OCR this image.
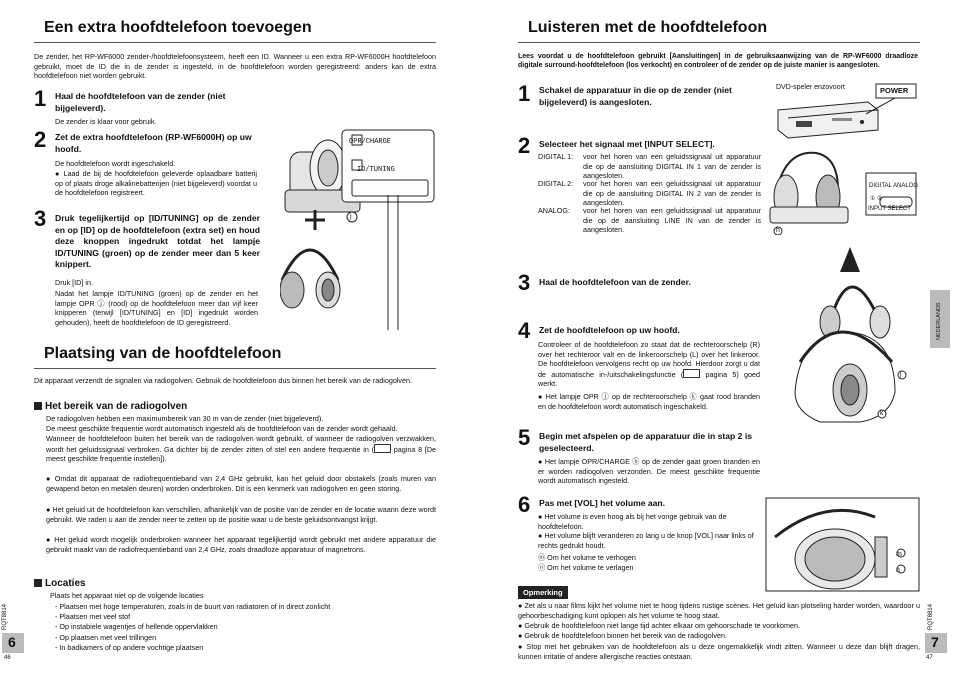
Een extra hoofdtelefoon toevoegen
De zender, het RP-WF6000 zender-/hoofdtelefoonsysteem, heeft een ID. Wanneer u een extra RP-WF6000H hoofdtelefoon gebruikt, moet de ID die in de zender is ingesteld, in de hoofdtelefoon worden geregistreerd: anders kan de extra hoofdtelefoon niet worden gebruikt.
1 Haal de hoofdtelefoon van de zender (niet bijgeleverd).
De zender is klaar voor gebruik.
2 Zet de extra hoofdtelefoon (RP-WF6000H) op uw hoofd.
De hoofdtelefoon wordt ingeschakeld.
● Laad de bij de hoofdtelefoon geleverde oplaadbare batterij op of plaats droge alkalinebatterijen (niet bijgeleverd) voordat u de hoofdtelefoon registreert.
3 Druk tegelijkertijd op [ID/TUNING] op de zender en op [ID] op de hoofdtelefoon (extra set) en houd deze knoppen ingedrukt totdat het lampje ID/TUNING (groen) op de zender meer dan 5 keer knippert.
Druk [ID] in.
Nadat het lampje ID/TUNING (groen) op de zender en het lampje OPR ⓙ (rood) op de hoofdtelefoon meer dan vijf keer knipperen (terwijl [ID/TUNING] en [ID] ingedrukt worden gehouden), heeft de hoofdtelefoon de ID geregistreerd.
OPR/CHARGE
ID/TUNING
j
Plaatsing van de hoofdtelefoon
Dit apparaat verzendt de signalen via radiogolven. Gebruik de hoofdtelefoon dus binnen het bereik van de radiogolven.
Het bereik van de radiogolven
De radiogolven hebben een maximumbereik van 30 m van de zender (niet bijgeleverd).
De meest geschikte frequentie wordt automatisch ingesteld als de hoofdtelefoon van de zender wordt gehaald.
Wanneer de hoofdtelefoon buiten het bereik van de radiogolven wordt gebruikt, of wanneer de radiogolven verzwakken, wordt het geluidssignaal verbroken. Ga dichter bij de zender zitten of stel een andere frequentie in (	pagina 8 [De meest geschikte frequentie instellen]).
● Omdat dit apparaat de radiofrequentieband van 2,4 GHz gebruikt, kan het geluid door obstakels (zoals muren van gewapend beton en metalen deuren) worden onderbroken. Dit is een kenmerk van radiogolven en geen storing.
● Het geluid uit de hoofdtelefoon kan verschillen, afhankelijk van de positie van de zender en de locatie waarin deze wordt gebruikt. We raden u aan de zender neer te zetten op de positie waar u de beste geluidsontvangst krijgt.
● Het geluid wordt mogelijk onderbroken wanneer het apparaat tegelijkertijd wordt gebruikt met andere apparatuur die gebruikt maakt van de radiofrequentieband van 2,4 GHz, zoals draadloze apparatuur of magnetrons.
Locaties
Plaats het apparaat niet op de volgende locaties
- Plaatsen met hoge temperaturen, zoals in de buurt van radiatoren of in direct zonlicht
- Plaatsen met veel stof
- Op instabiele wagentjes of hellende oppervlakken
- Op plaatsen met veel trillingen
- In badkamers of op andere vochtige plaatsen
RQT8814
6
46
Luisteren met de hoofdtelefoon
Lees voordat u de hoofdtelefoon gebruikt [Aansluitingen] in de gebruiksaanwijzing van de RP-WF6000 draadloze digitale surround-hoofdtelefoon (los verkocht) en controleer of de zender op de juiste manier is aangesloten.
1 Schakel de apparatuur in die op de zender (niet bijgeleverd) is aangesloten.
DVD-speler enzovoort	POWER
2 Selecteer het signaal met [INPUT SELECT].
DIGITAL 1:	voor het horen van een geluidssignaal uit apparatuur die op de aansluiting DIGITAL IN 1 van de zender is aangesloten.
DIGITAL 2:	voor het horen van een geluidssignaal uit apparatuur die op de aansluiting DIGITAL IN 2 van de zender is aangesloten.
ANALOG:	voor het horen van een geluidssignaal uit apparatuur die op de aansluiting LINE IN van de zender is aangesloten.
DIGITAL ANALOG
① ②
INPUT SELECT
h
3 Haal de hoofdtelefoon van de zender.
j
k
4 Zet de hoofdtelefoon op uw hoofd.
Controleer of de hoofdtelefoon zo staat dat de rechteroorschelp (R) over het rechteroor valt en de linkeroorschelp (L) over het linkeroor. De hoofdtelefoon vervolgens recht op uw hoofd. Hierdoor zorgt u dat de automatische in-/uitschakelingsfunctie (	pagina 5) goed werkt.
● Het lampje OPR ⓙ op de rechteroorschelp ⓚ gaat rood branden en de hoofdtelefoon wordt automatisch ingeschakeld.
5 Begin met afspelen op de apparatuur die in stap 2 is geselecteerd.
● Het lampje OPR/CHARGE ⓗ op de zender gaat groen branden en er worden radiogolven verzonden. De meest geschikte frequentie wordt automatisch ingesteld.
6 Pas met [VOL] het volume aan.
● Het volume is even hoog als bij het vorige gebruik van de hoofdtelefoon.
● Het volume blijft veranderen zo lang u de knop [VOL] naar links of rechts gedrukt houdt.
ⓜ Om het volume te verhogen
ⓝ Om het volume te verlagen
m
n
Opmerking
● Zet als u naar films kijkt het volume niet te hoog tijdens rustige scènes. Het geluid kan plotseling harder worden, waardoor u gehoorbeschadiging kunt oplopen als het volume te hoog staat.
● Gebruik de hoofdtelefoon niet lange tijd achter elkaar om gehoorschade te voorkomen.
● Gebruik de hoofdtelefoon binnen het bereik van de radiogolven.
● Stop met het gebruiken van de hoofdtelefoon als u deze ongemakkelijk vindt zitten. Wanneer u deze dan blijft dragen, kunnen irritatie of andere allergische reacties ontstaan.
NEDERLANDS
RQT8814
7
47
